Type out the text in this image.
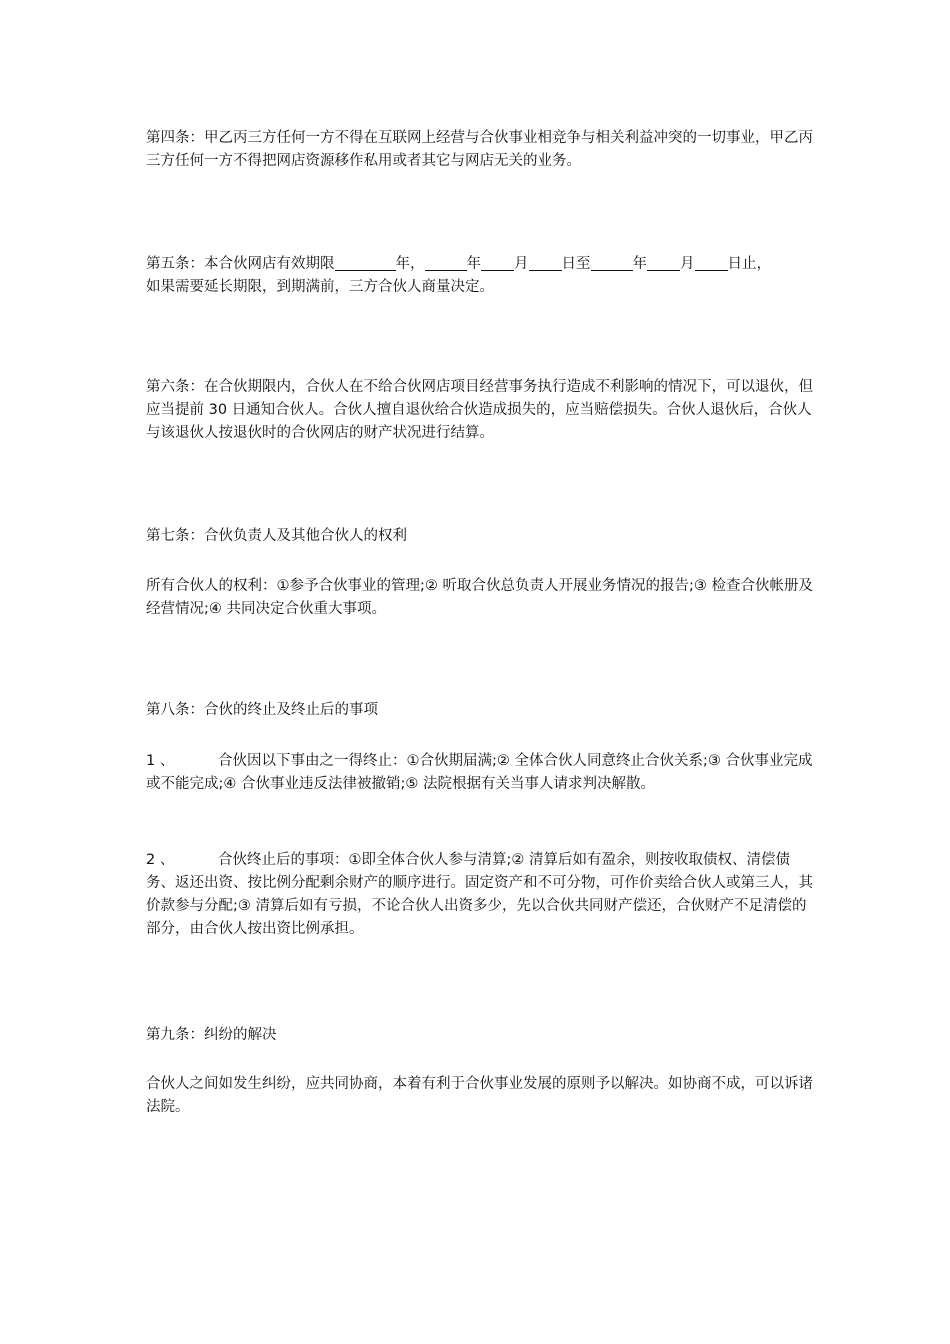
第四条：甲乙丙三方任何一方不得在互联网上经营与合伙事业相竞争与相关利益冲突的一切事业，甲乙丙三方任何一方不得把网店资源移作私用或者其它与网店无关的业务。

第五条：本合伙网店有效期限	年，	年 月 日至	年 月 日止，
如果需要延长期限，到期满前，三方合伙人商量决定。

第六条：在合伙期限内，合伙人在不给合伙网店项目经营事务执行造成不利影响的情况下，可以退伙，但应当提前 30 日通知合伙人。合伙人擅自退伙给合伙造成损失的，应当赔偿损失。合伙人退伙后，合伙人与该退伙人按退伙时的合伙网店的财产状况进行结算。

第七条：合伙负责人及其他合伙人的权利

所有合伙人的权利：①参予合伙事业的管理;② 听取合伙总负责人开展业务情况的报告;③ 检查合伙帐册及经营情况;④ 共同决定合伙重大事项。

第八条：合伙的终止及终止后的事项

1 、	合伙因以下事由之一得终止：①合伙期届满;② 全体合伙人同意终止合伙关系;③ 合伙事业完成或不能完成;④ 合伙事业违反法律被撤销;⑤ 法院根据有关当事人请求判决解散。

2 、	合伙终止后的事项：①即全体合伙人参与清算;② 清算后如有盈余，则按收取债权、清偿债务、返还出资、按比例分配剩余财产的顺序进行。固定资产和不可分物，可作价卖给合伙人或第三人，其价款参与分配;③ 清算后如有亏损，不论合伙人出资多少，先以合伙共同财产偿还，合伙财产不足清偿的部分，由合伙人按出资比例承担。

第九条：纠纷的解决

合伙人之间如发生纠纷，应共同协商，本着有利于合伙事业发展的原则予以解决。如协商不成，可以诉诸法院。
